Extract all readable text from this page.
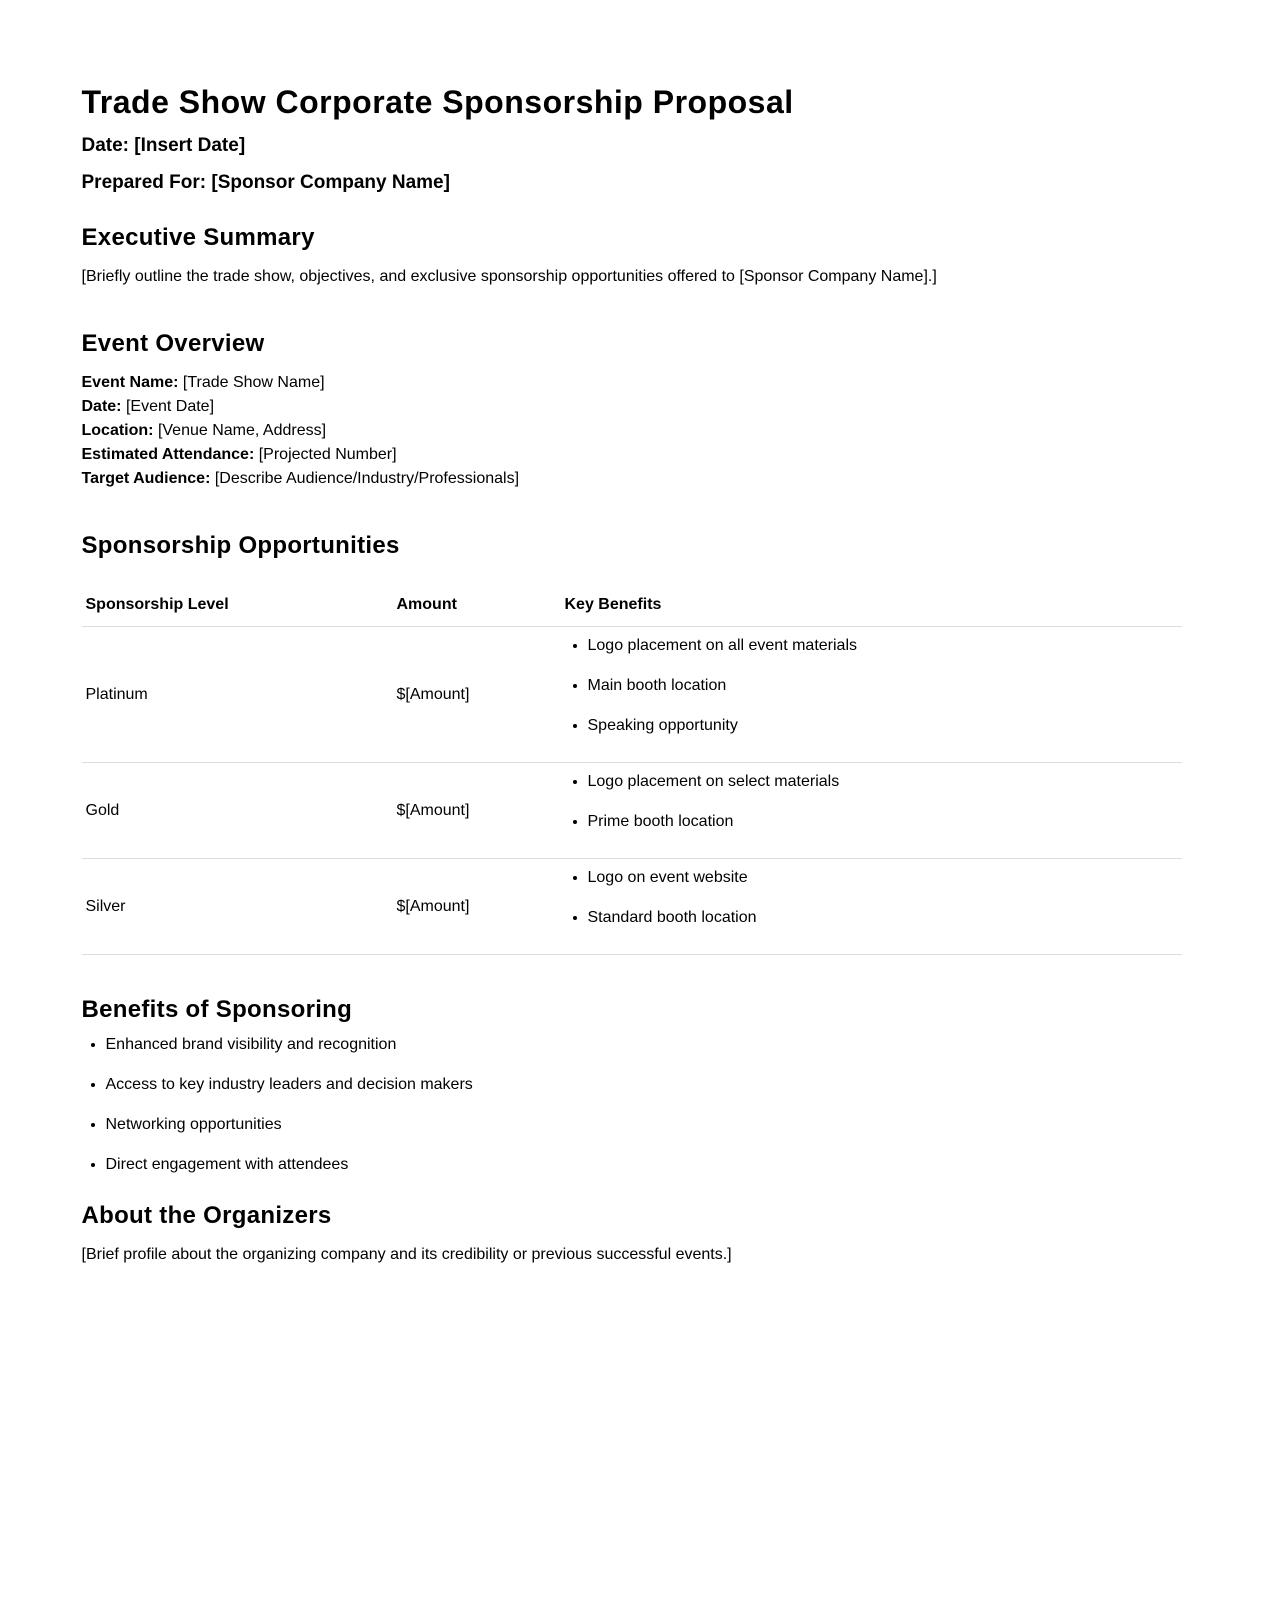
Trade Show Corporate Sponsorship Proposal

Date: [Insert Date]

Prepared For: [Sponsor Company Name]

Executive Summary

[Briefly outline the trade show, objectives, and exclusive sponsorship opportunities offered to [Sponsor Company Name].]

Event Overview
Event Name: [Trade Show Name]
Date: [Event Date]
Location: [Venue Name, Address]
Estimated Attendance: [Projected Number]
Target Audience: [Describe Audience/Industry/Professionals]
Sponsorship Opportunities
Sponsorship Level	Amount	Key Benefits
Platinum	$[Amount]	
• Logo placement on all event materials
• Main booth location
• Speaking opportunity

Gold	$[Amount]	
• Logo placement on select materials
• Prime booth location

Silver	$[Amount]	
• Logo on event website
• Standard booth location
Benefits of Sponsoring
• Enhanced brand visibility and recognition
• Access to key industry leaders and decision makers
• Networking opportunities
• Direct engagement with attendees
About the Organizers

[Brief profile about the organizing company and its credibility or previous successful events.]
